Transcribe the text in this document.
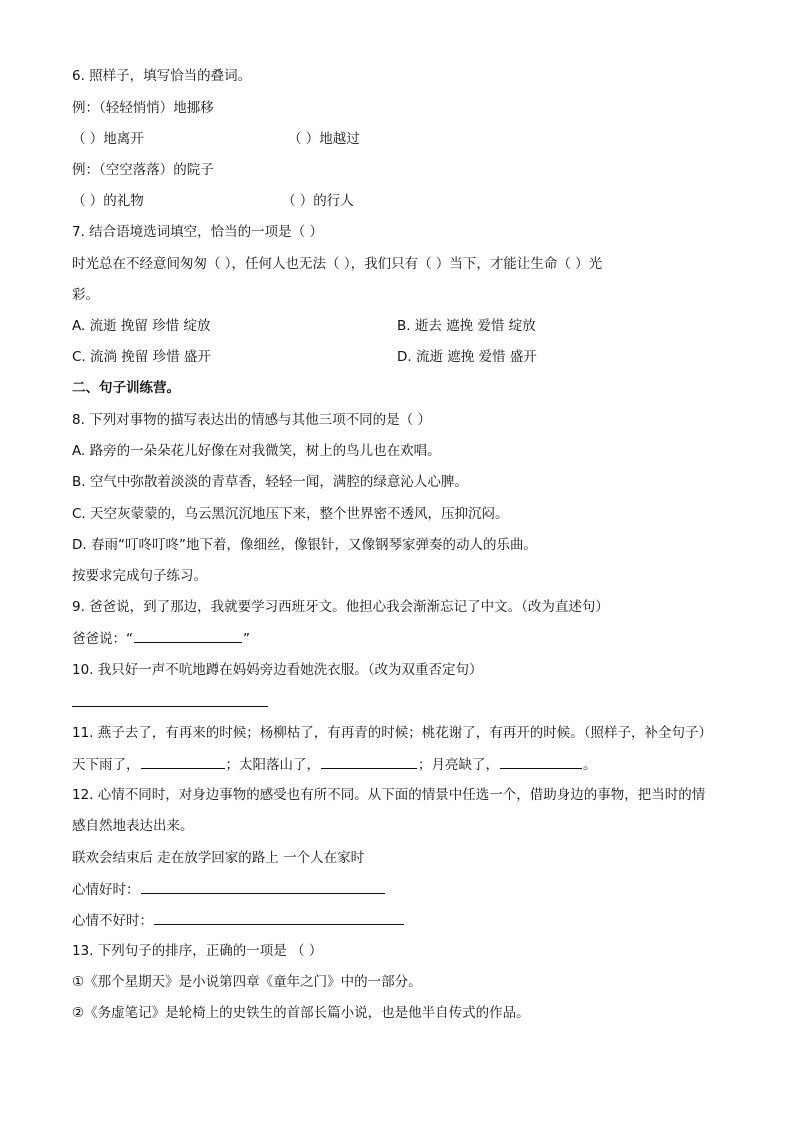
6. 照样子，填写恰当的叠词。
例：（轻轻悄悄）地挪移
（ ）地离开	（ ）地越过
例：（空空落落）的院子
（ ）的礼物	（ ）的行人
7. 结合语境选词填空，恰当的一项是（ ）
时光总在不经意间匆匆（ ），任何人也无法（ ），我们只有（ ）当下，才能让生命（ ）光
彩。
A. 流逝 挽留 珍惜 绽放	B. 逝去 遮挽 爱惜 绽放
C. 流淌 挽留 珍惜 盛开	D. 流逝 遮挽 爱惜 盛开
二、句子训练营。
8. 下列对事物的描写表达出的情感与其他三项不同的是（ ）
A. 路旁的一朵朵花儿好像在对我微笑，树上的鸟儿也在欢唱。
B. 空气中弥散着淡淡的青草香，轻轻一闻，满腔的绿意沁人心脾。
C. 天空灰蒙蒙的，乌云黑沉沉地压下来，整个世界密不透风，压抑沉闷。
D. 春雨“叮咚叮咚”地下着，像细丝，像银针，又像钢琴家弹奏的动人的乐曲。
按要求完成句子练习。
9. 爸爸说，到了那边，我就要学习西班牙文。他担心我会渐渐忘记了中文。（改为直述句）
爸爸说：“	”
10. 我只好一声不吭地蹲在妈妈旁边看她洗衣服。（改为双重否定句）
11. 燕子去了，有再来的时候；杨柳枯了，有再青的时候；桃花谢了，有再开的时候。（照样子，补全句子）
天下雨了，	；太阳落山了，	；月亮缺了，	。
12. 心情不同时，对身边事物的感受也有所不同。从下面的情景中任选一个，借助身边的事物，把当时的情
感自然地表达出来。
联欢会结束后 走在放学回家的路上 一个人在家时
心情好时：
心情不好时：
13. 下列句子的排序，正确的一项是 （ ）
①《那个星期天》是小说第四章《童年之门》中的一部分。
②《务虚笔记》是轮椅上的史铁生的首部长篇小说，也是他半自传式的作品。
